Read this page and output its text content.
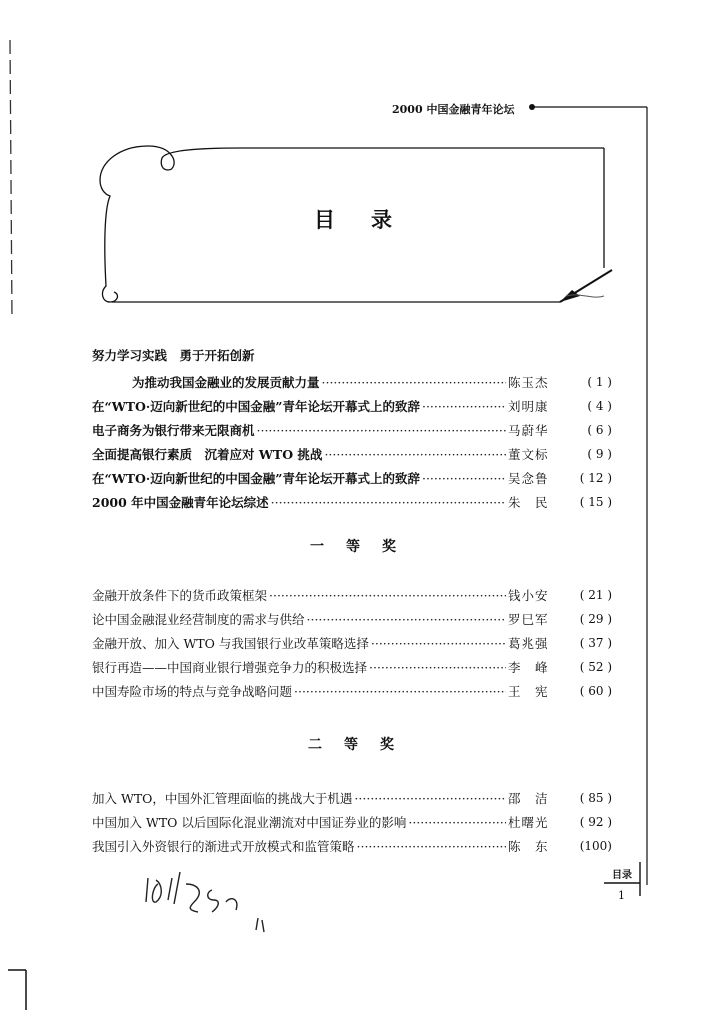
2000 中国金融青年论坛
目录
努力学习实践　勇于开拓创新
为推动我国金融业的发展贡献力量 ·····	陈玉杰	( 1 )
在“WTO·迈向新世纪的中国金融”青年论坛开幕式上的致辞 ·····	刘明康	( 4 )
电子商务为银行带来无限商机 ·····	马蔚华	( 6 )
全面提高银行素质　沉着应对 WTO 挑战 ·····	董文标	( 9 )
在“WTO·迈向新世纪的中国金融”青年论坛开幕式上的致辞 ·····	吴念鲁	( 12 )
2000 年中国金融青年论坛综述 ·····	朱　民	( 15 )
一等奖
金融开放条件下的货币政策框架 ·····	钱小安	( 21 )
论中国金融混业经营制度的需求与供给 ·····	罗巳军	( 29 )
金融开放、加入 WTO 与我国银行业改革策略选择 ·····	葛兆强	( 37 )
银行再造——中国商业银行增强竞争力的积极选择 ·····	李　峰	( 52 )
中国寿险市场的特点与竞争战略问题 ·····	王　宪	( 60 )
二等奖
加入 WTO，中国外汇管理面临的挑战大于机遇 ·····	邵　洁	( 85 )
中国加入 WTO 以后国际化混业潮流对中国证券业的影响 ·····	杜曙光	( 92 )
我国引入外资银行的渐进式开放模式和监管策略 ·····	陈　东	(100)
目录
1
